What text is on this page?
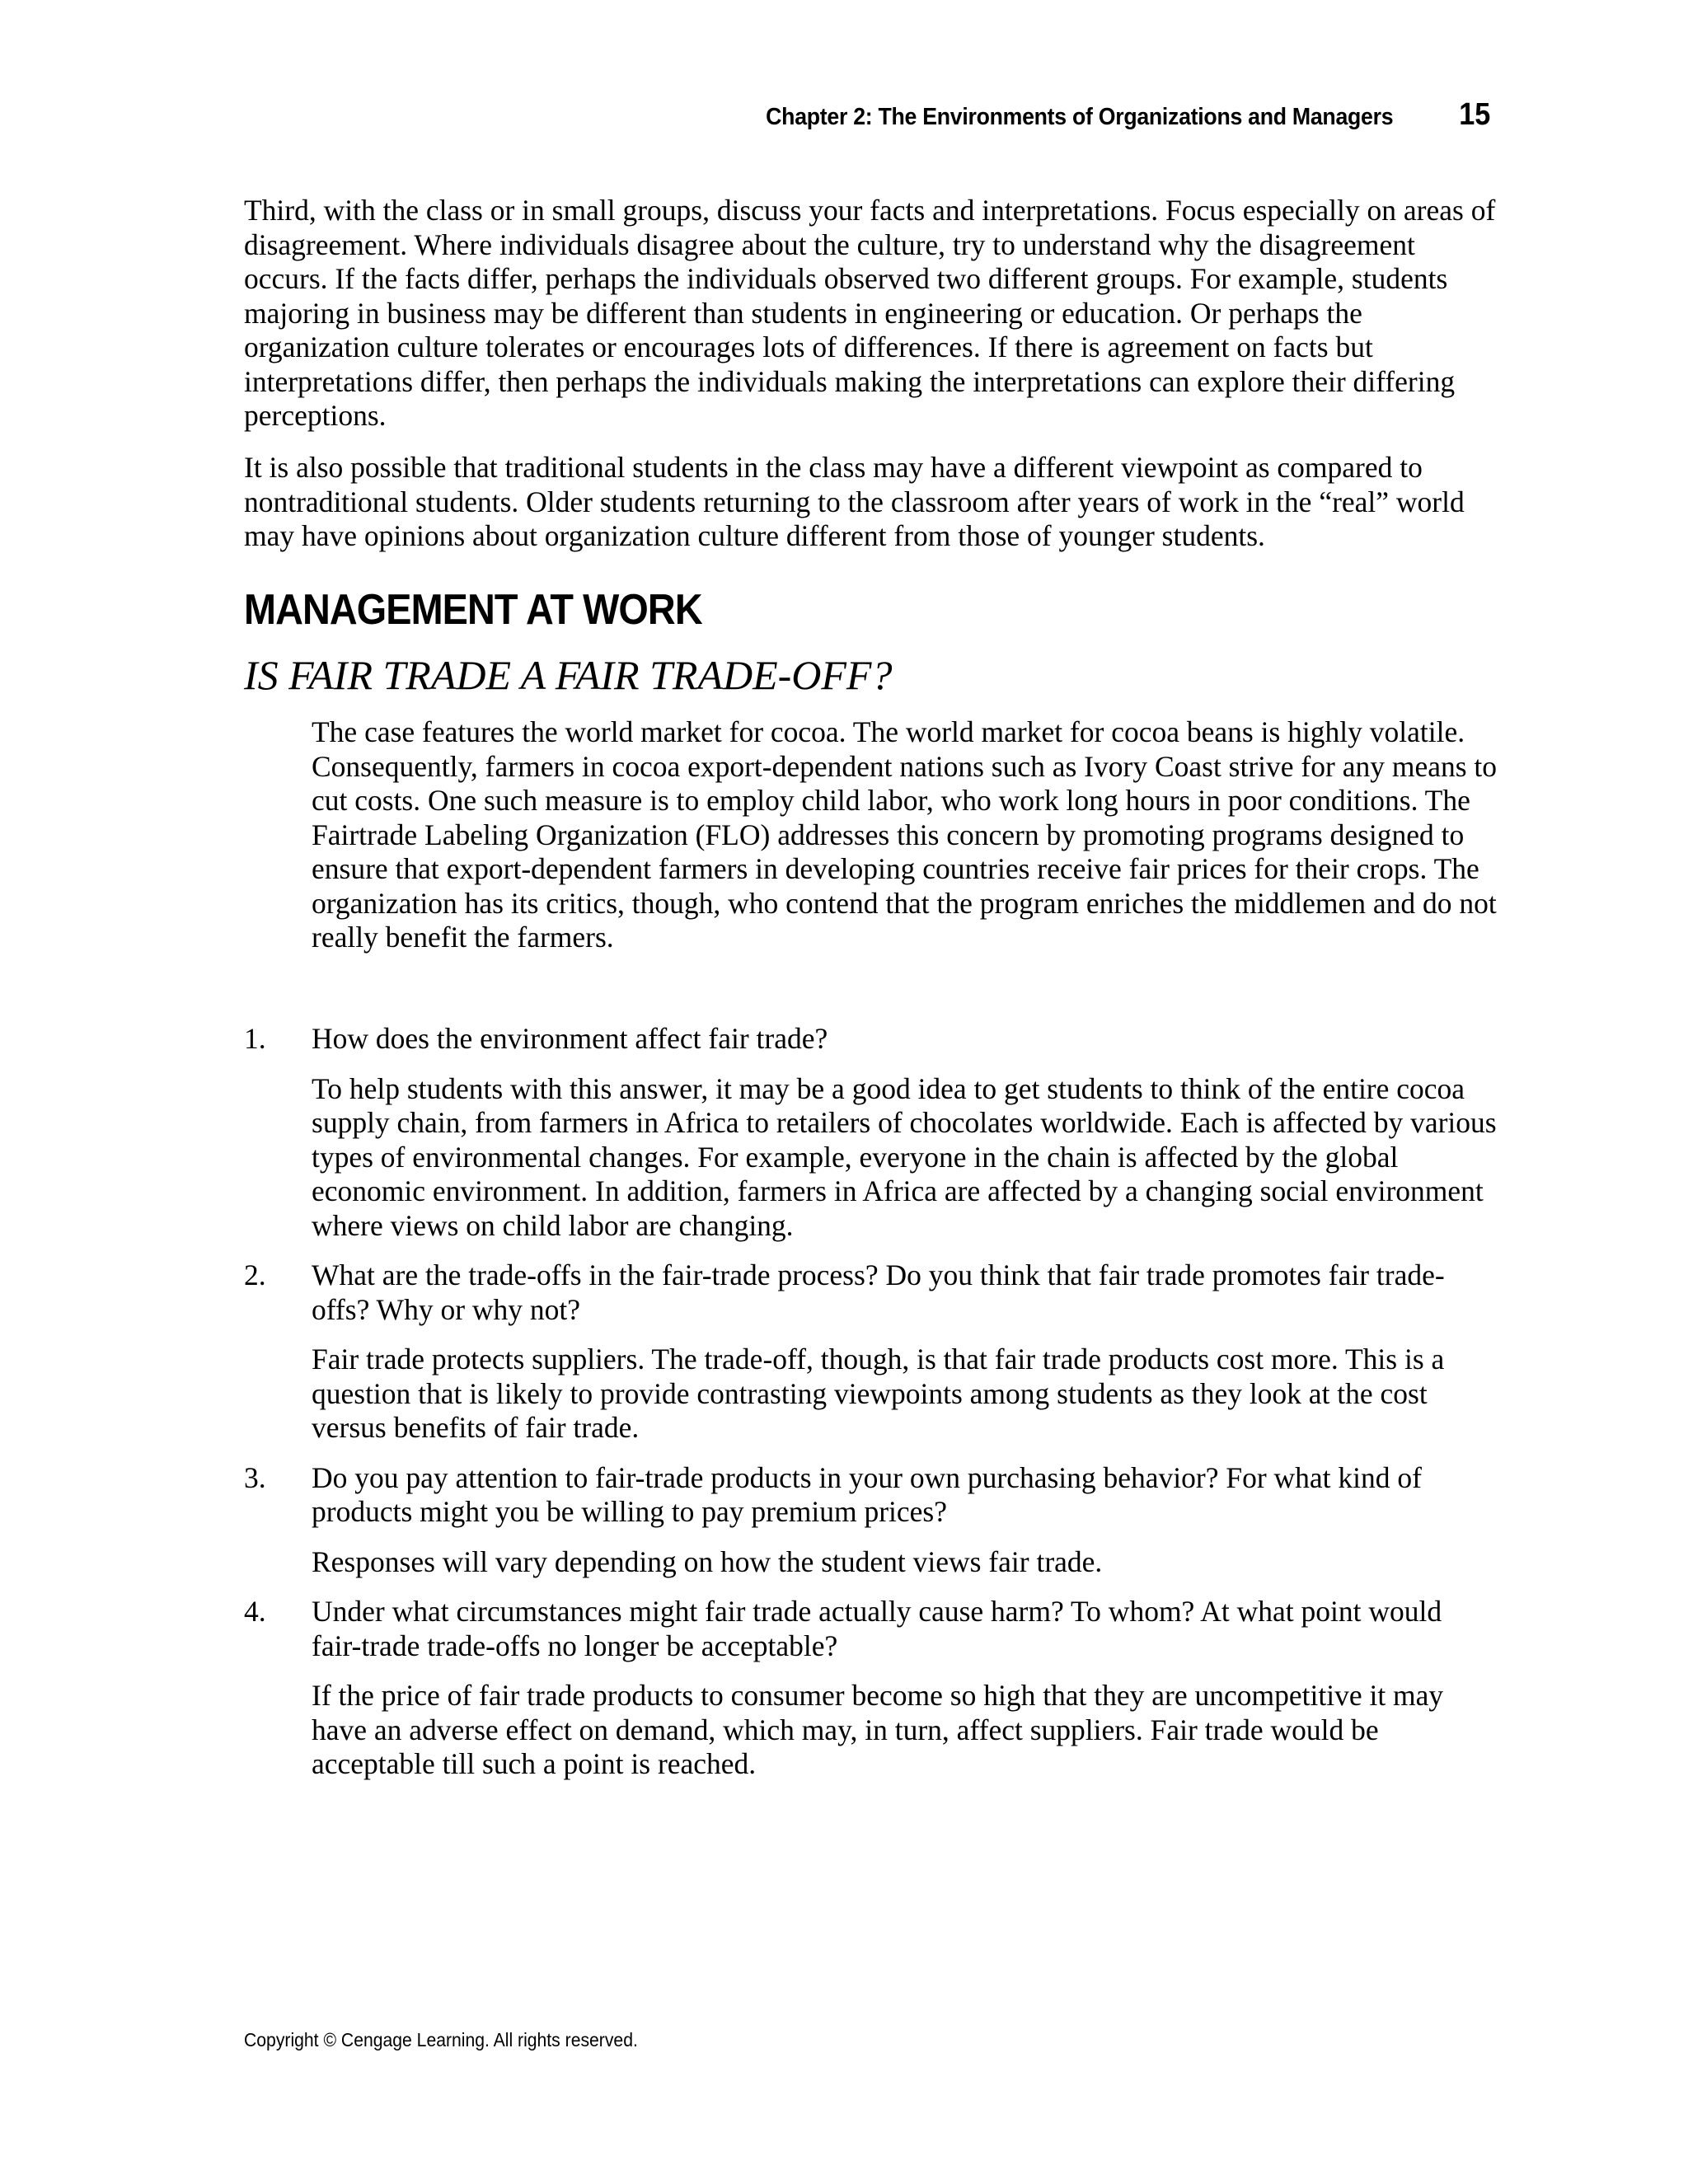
Chapter 2: The Environments of Organizations and Managers 15

Third, with the class or in small groups, discuss your facts and interpretations. Focus especially on areas of disagreement. Where individuals disagree about the culture, try to understand why the disagreement occurs. If the facts differ, perhaps the individuals observed two different groups. For example, students majoring in business may be different than students in engineering or education. Or perhaps the organization culture tolerates or encourages lots of differences. If there is agreement on facts but interpretations differ, then perhaps the individuals making the interpretations can explore their differing perceptions.

It is also possible that traditional students in the class may have a different viewpoint as compared to nontraditional students. Older students returning to the classroom after years of work in the “real” world may have opinions about organization culture different from those of younger students.

MANAGEMENT AT WORK
IS FAIR TRADE A FAIR TRADE-OFF?

The case features the world market for cocoa. The world market for cocoa beans is highly volatile. Consequently, farmers in cocoa export-dependent nations such as Ivory Coast strive for any means to cut costs. One such measure is to employ child labor, who work long hours in poor conditions. The Fairtrade Labeling Organization (FLO) addresses this concern by promoting programs designed to ensure that export-dependent farmers in developing countries receive fair prices for their crops. The organization has its critics, though, who contend that the program enriches the middlemen and do not really benefit the farmers.

1. How does the environment affect fair trade?

To help students with this answer, it may be a good idea to get students to think of the entire cocoa supply chain, from farmers in Africa to retailers of chocolates worldwide. Each is affected by various types of environmental changes. For example, everyone in the chain is affected by the global economic environment. In addition, farmers in Africa are affected by a changing social environment where views on child labor are changing.

2. What are the trade-offs in the fair-trade process? Do you think that fair trade promotes fair trade-offs? Why or why not?

Fair trade protects suppliers. The trade-off, though, is that fair trade products cost more. This is a question that is likely to provide contrasting viewpoints among students as they look at the cost versus benefits of fair trade.

3. Do you pay attention to fair-trade products in your own purchasing behavior? For what kind of products might you be willing to pay premium prices?

Responses will vary depending on how the student views fair trade.

4. Under what circumstances might fair trade actually cause harm? To whom? At what point would fair-trade trade-offs no longer be acceptable?

If the price of fair trade products to consumer become so high that they are uncompetitive it may have an adverse effect on demand, which may, in turn, affect suppliers. Fair trade would be acceptable till such a point is reached.

Copyright © Cengage Learning. All rights reserved.
